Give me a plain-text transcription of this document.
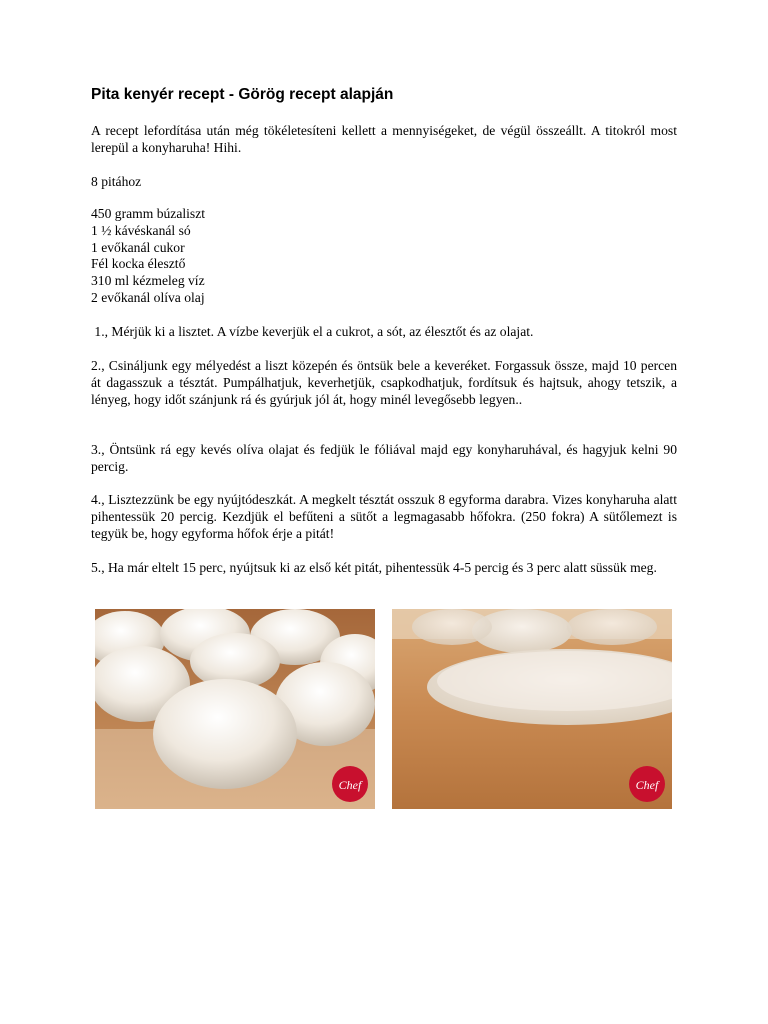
Pita kenyér recept - Görög recept alapján

A recept lefordítása után még tökéletesíteni kellett a mennyiségeket, de végül összeállt. A titokról most lerepül a konyharuha! Hihi.

8 pitához

450 gramm búzaliszt
1 ½ kávéskanál só
1 evőkanál cukor
Fél kocka élesztő
310 ml kézmeleg víz
2 evőkanál olíva olaj

1., Mérjük ki a lisztet. A vízbe keverjük el a cukrot, a sót, az élesztőt és az olajat.

2., Csináljunk egy mélyedést a liszt közepén és öntsük bele a keveréket. Forgassuk össze, majd 10 percen át dagasszuk a tésztát. Pumpálhatjuk, keverhetjük, csapkodhatjuk, fordítsuk és hajtsuk, ahogy tetszik, a lényeg, hogy időt szánjunk rá és gyúrjuk jól át, hogy minél levegősebb legyen..

3., Öntsünk rá egy kevés olíva olajat és fedjük le fóliával majd egy konyharuhával, és hagyjuk kelni 90 percig.

4., Lisztezzünk be egy nyújtódeszkát. A megkelt tésztát osszuk 8 egyforma darabra. Vizes konyharuha alatt pihentessük 20 percig. Kezdjük el befűteni a sütőt a legmagasabb hőfokra. (250 fokra) A sütőlemezt is tegyük be, hogy egyforma hőfok érje a pitát!

5., Ha már eltelt 15 perc, nyújtsuk ki az első két pitát, pihentessük 4-5 percig és 3 perc alatt süssük meg.

Chef	Chef
